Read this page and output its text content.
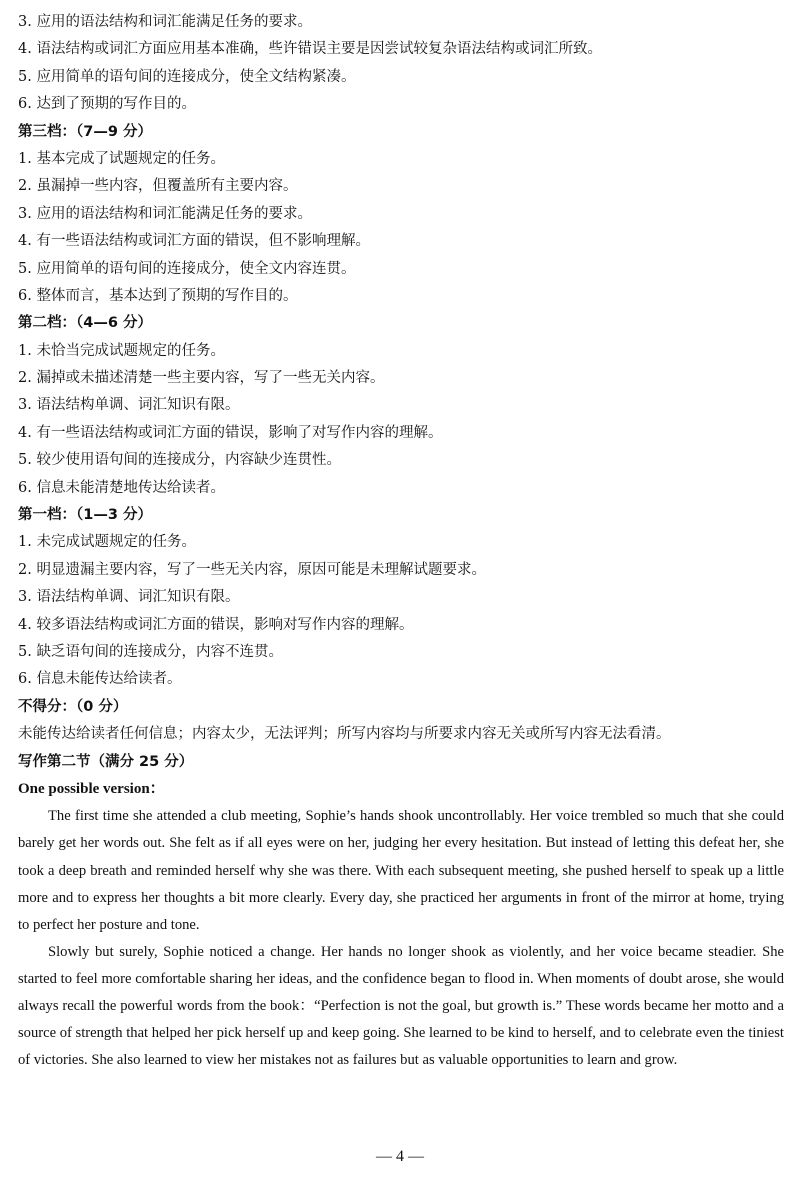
3. 应用的语法结构和词汇能满足任务的要求。
4. 语法结构或词汇方面应用基本准确，些许错误主要是因尝试较复杂语法结构或词汇所致。
5. 应用简单的语句间的连接成分，使全文结构紧凑。
6. 达到了预期的写作目的。
第三档：（7—9 分）
1. 基本完成了试题规定的任务。
2. 虽漏掉一些内容，但覆盖所有主要内容。
3. 应用的语法结构和词汇能满足任务的要求。
4. 有一些语法结构或词汇方面的错误，但不影响理解。
5. 应用简单的语句间的连接成分，使全文内容连贯。
6. 整体而言，基本达到了预期的写作目的。
第二档：（4—6 分）
1. 未恰当完成试题规定的任务。
2. 漏掉或未描述清楚一些主要内容，写了一些无关内容。
3. 语法结构单调、词汇知识有限。
4. 有一些语法结构或词汇方面的错误，影响了对写作内容的理解。
5. 较少使用语句间的连接成分，内容缺少连贯性。
6. 信息未能清楚地传达给读者。
第一档：（1—3 分）
1. 未完成试题规定的任务。
2. 明显遗漏主要内容，写了一些无关内容，原因可能是未理解试题要求。
3. 语法结构单调、词汇知识有限。
4. 较多语法结构或词汇方面的错误，影响对写作内容的理解。
5. 缺乏语句间的连接成分，内容不连贯。
6. 信息未能传达给读者。
不得分：（0 分）
未能传达给读者任何信息；内容太少，无法评判；所写内容均与所要求内容无关或所写内容无法看清。
写作第二节（满分 25 分）
One possible version：

The first time she attended a club meeting, Sophie’s hands shook uncontrollably. Her voice trembled so much that she could barely get her words out. She felt as if all eyes were on her, judging her every hesitation. But instead of letting this defeat her, she took a deep breath and reminded herself why she was there. With each subsequent meeting, she pushed herself to speak up a little more and to express her thoughts a bit more clearly. Every day, she practiced her arguments in front of the mirror at home, trying to perfect her posture and tone.

Slowly but surely, Sophie noticed a change. Her hands no longer shook as violently, and her voice became steadier. She started to feel more comfortable sharing her ideas, and the confidence began to flood in. When moments of doubt arose, she would always recall the powerful words from the book：“Perfection is not the goal, but growth is.” These words became her motto and a source of strength that helped her pick herself up and keep going. She learned to be kind to herself, and to celebrate even the tiniest of victories. She also learned to view her mistakes not as failures but as valuable opportunities to learn and grow.

— 4 —
